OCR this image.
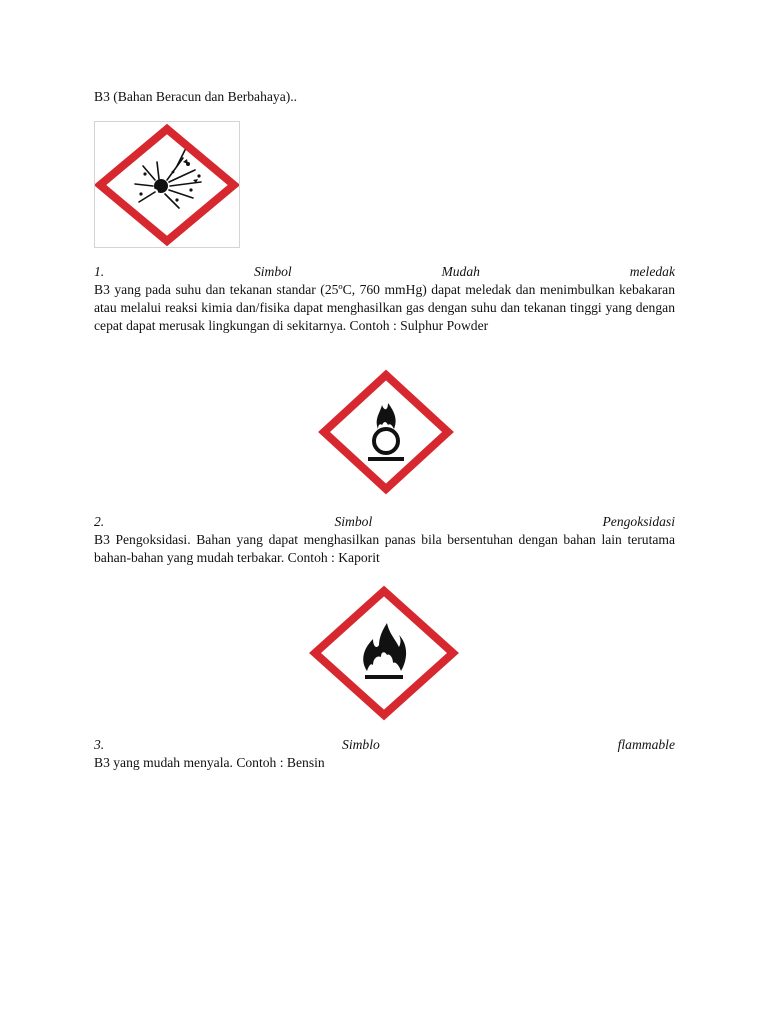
B3 (Bahan Beracun dan Berbahaya)..
1.	Simbol	Mudah	meledak
B3 yang pada suhu dan tekanan standar (25ºC, 760 mmHg) dapat meledak dan menimbulkan kebakaran atau melalui reaksi kimia dan/fisika dapat menghasilkan gas dengan suhu dan tekanan tinggi yang dengan cepat dapat merusak lingkungan di sekitarnya. Contoh : Sulphur Powder
2.	Simbol	Pengoksidasi
B3 Pengoksidasi. Bahan yang dapat menghasilkan panas bila bersentuhan dengan bahan lain terutama bahan-bahan yang mudah terbakar. Contoh : Kaporit
3.	Simblo	flammable
B3 yang mudah menyala. Contoh : Bensin
